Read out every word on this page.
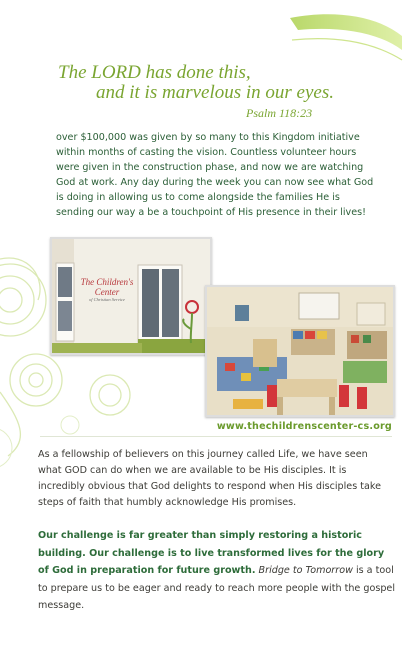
The LORD has done this,
and it is marvelous in our eyes.
Psalm 118:23

over $100,000 was given by so many to this Kingdom initiative within months of casting the vision. Countless volunteer hours were given in the construction phase, and now we are watching God at work. Any day during the week you can now see what God is doing in allowing us to come alongside the families He is sending our way a be a touchpoint of His presence in their lives!

The Children's Center
of Christian Service
www.thechildrenscenter-cs.org

As a fellowship of believers on this journey called Life, we have seen what GOD can do when we are available to be His disciples. It is incredibly obvious that God delights to respond when His disciples take steps of faith that humbly acknowledge His promises.

Our challenge is far greater than simply restoring a historic building. Our challenge is to live transformed lives for the glory of God in preparation for future growth. Bridge to Tomorrow is a tool to prepare us to be eager and ready to reach more people with the gospel message.
